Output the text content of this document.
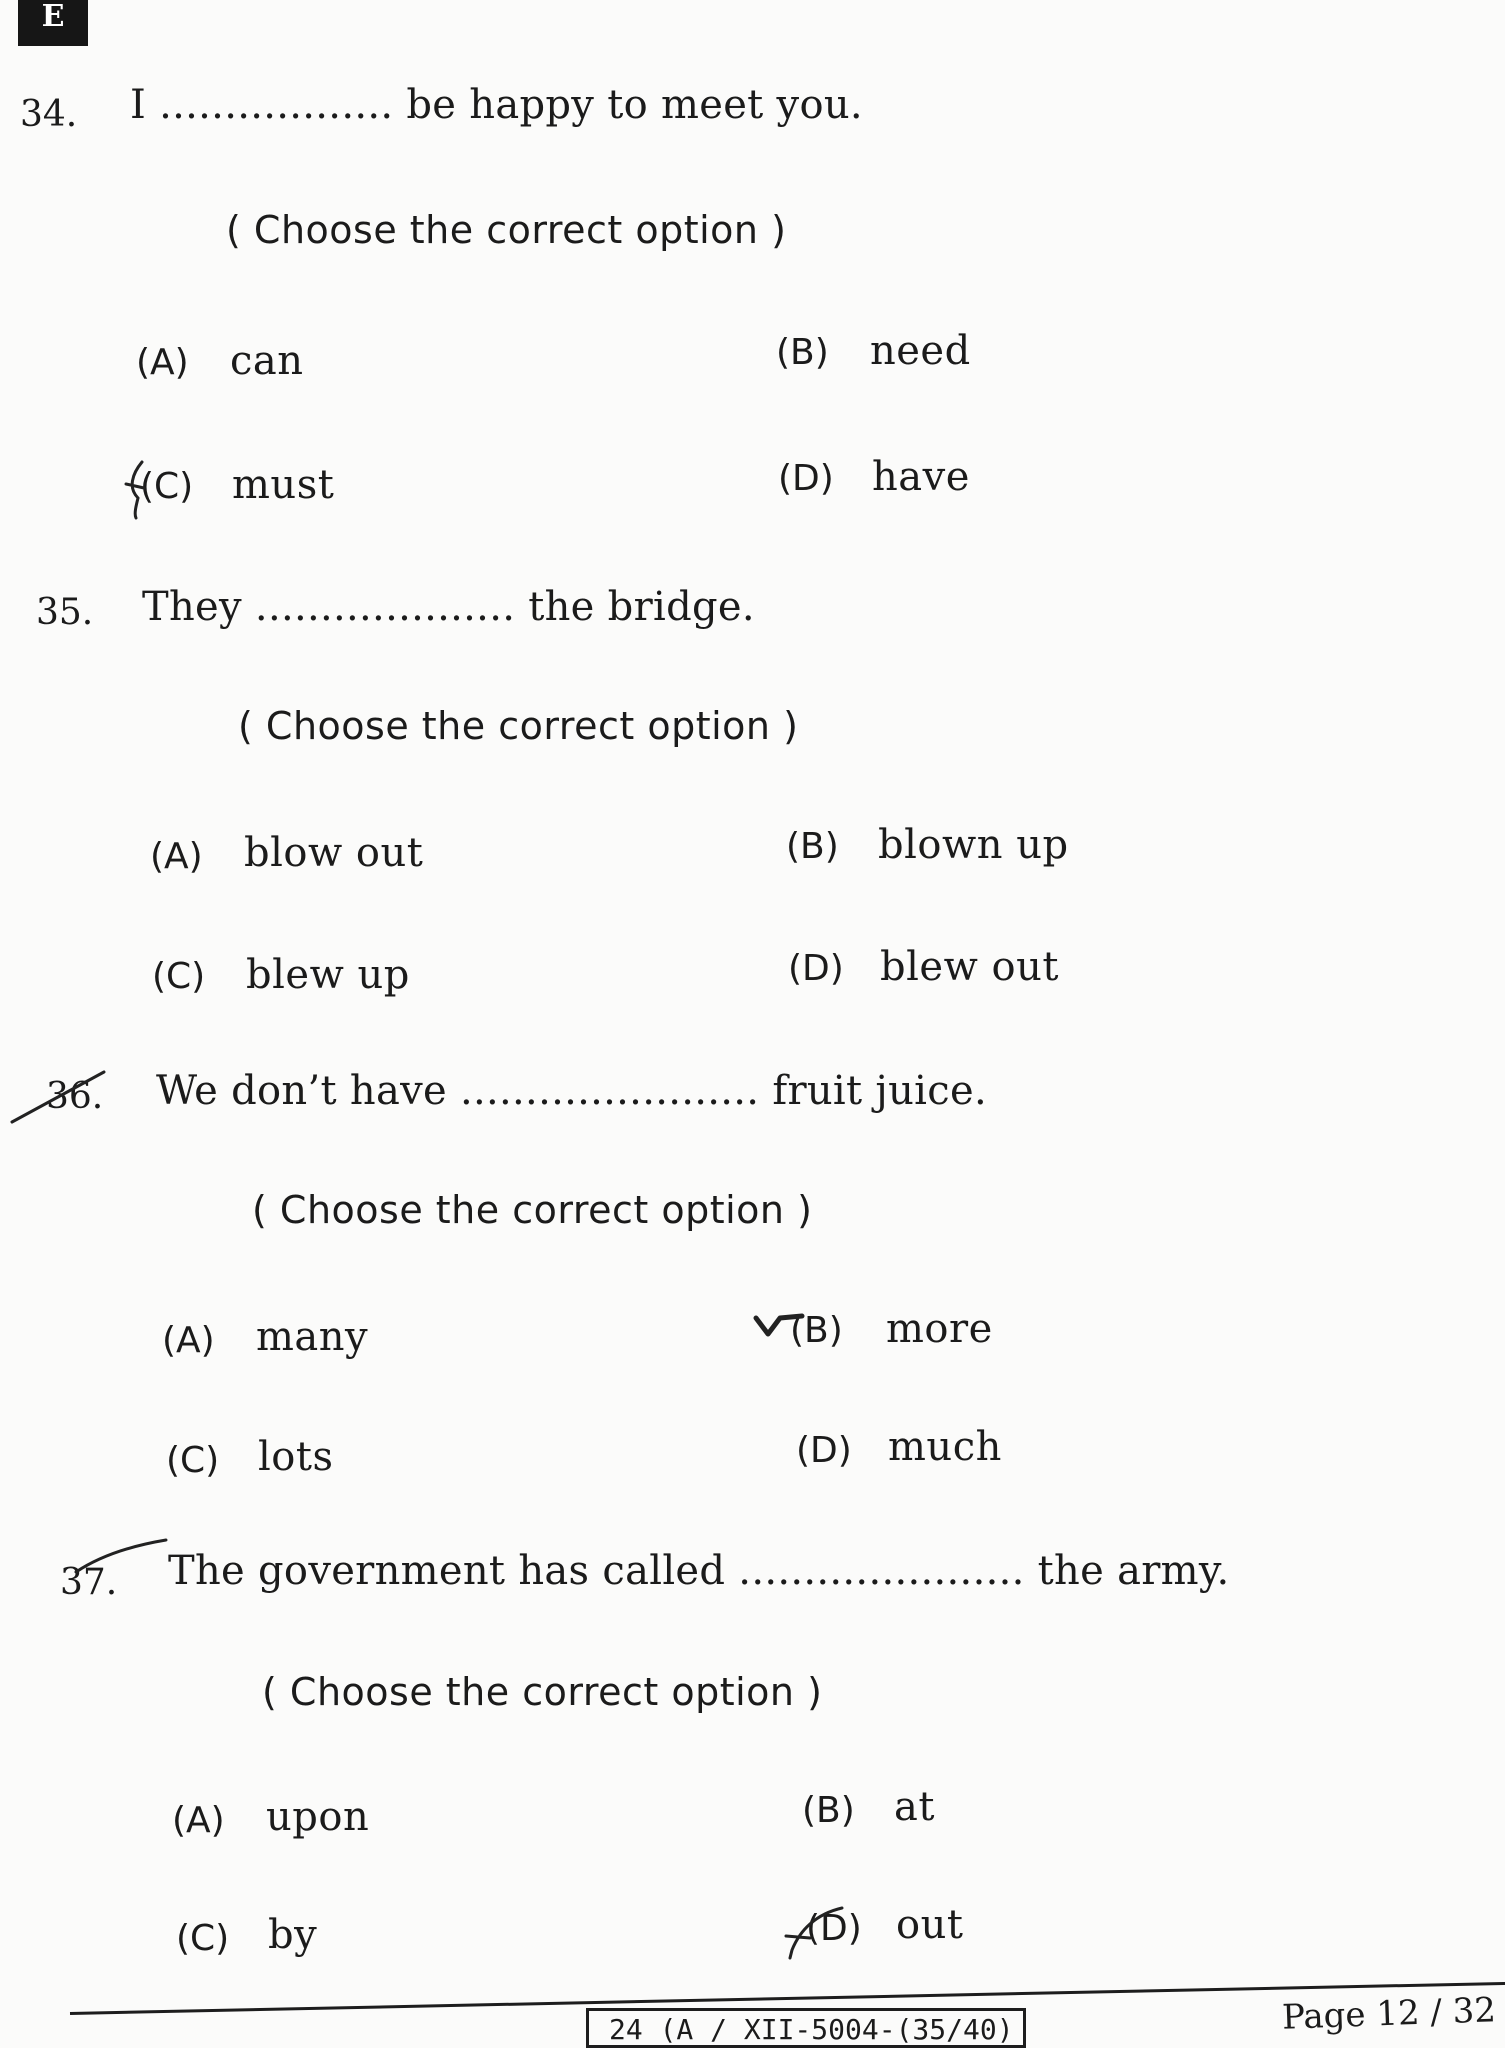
E
34. I .................. be happy to meet you.
( Choose the correct option )
(A) can	(B) need
(C) must	(D) have
35. They .................... the bridge.
( Choose the correct option )
(A) blow out	(B) blown up
(C) blew up	(D) blew out
36. We don’t have ....................... fruit juice.
( Choose the correct option )
(A) many	(B) more
(C) lots	(D) much
37. The government has called ...................... the army.
( Choose the correct option )
(A) upon	(B) at
(C) by	(D) out
24 (A / XII-5004-(35/40)	Page 12 / 32
